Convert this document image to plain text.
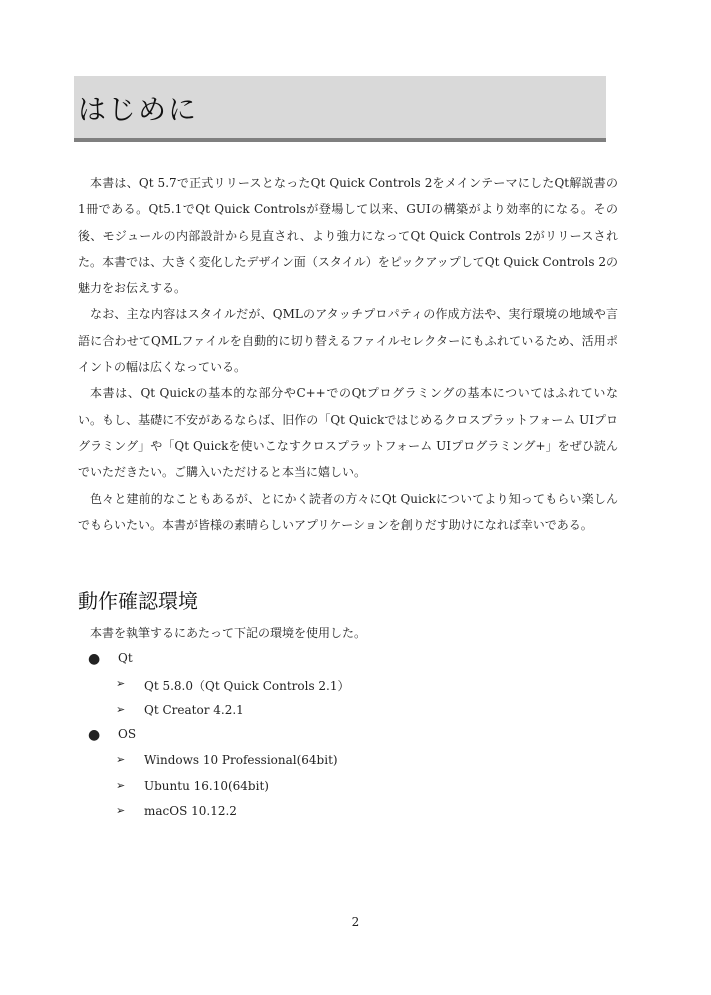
はじめに

本書は、Qt 5.7で正式リリースとなったQt Quick Controls 2をメインテーマにしたQt解説書の1冊である。Qt5.1でQt Quick Controlsが登場して以来、GUIの構築がより効率的になる。その後、モジュールの内部設計から見直され、より強力になってQt Quick Controls 2がリリースされた。本書では、大きく変化したデザイン面（スタイル）をピックアップしてQt Quick Controls 2の魅力をお伝えする。

なお、主な内容はスタイルだが、QMLのアタッチプロパティの作成方法や、実行環境の地域や言語に合わせてQMLファイルを自動的に切り替えるファイルセレクターにもふれているため、活用ポイントの幅は広くなっている。

本書は、Qt Quickの基本的な部分やC++でのQtプログラミングの基本についてはふれていない。もし、基礎に不安があるならば、旧作の「Qt Quickではじめるクロスプラットフォーム UIプログラミング」や「Qt Quickを使いこなすクロスプラットフォーム UIプログラミング+」をぜひ読んでいただきたい。ご購入いただけると本当に嬉しい。

色々と建前的なこともあるが、とにかく読者の方々にQt Quickについてより知ってもらい楽しんでもらいたい。本書が皆様の素晴らしいアプリケーションを創りだす助けになれば幸いである。

動作確認環境
本書を執筆するにあたって下記の環境を使用した。
● Qt
➢ Qt 5.8.0（Qt Quick Controls 2.1）
➢ Qt Creator 4.2.1
● OS
➢ Windows 10 Professional(64bit)
➢ Ubuntu 16.10(64bit)
➢ macOS 10.12.2
2
